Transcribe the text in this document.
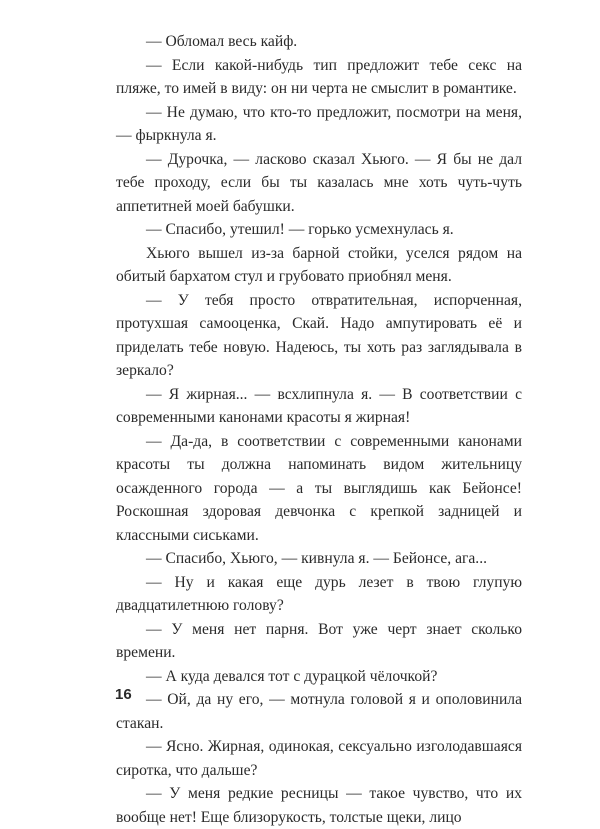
— Обломал весь кайф.

— Если какой-нибудь тип предложит тебе секс на пляже, то имей в виду: он ни черта не смыслит в романтике.

— Не думаю, что кто-то предложит, посмотри на меня, — фыркнула я.

— Дурочка, — ласково сказал Хьюго. — Я бы не дал тебе проходу, если бы ты казалась мне хоть чуть-чуть аппетитней моей бабушки.

— Спасибо, утешил! — горько усмехнулась я.

Хьюго вышел из-за барной стойки, уселся рядом на обитый бархатом стул и грубовато приобнял меня.

— У тебя просто отвратительная, испорченная, протухшая самооценка, Скай. Надо ампутировать её и приделать тебе новую. Надеюсь, ты хоть раз заглядывала в зеркало?

— Я жирная... — всхлипнула я. — В соответствии с современными канонами красоты я жирная!

— Да-да, в соответствии с современными канонами красоты ты должна напоминать видом жительницу осажденного города — а ты выглядишь как Бейонсе! Роскошная здоровая девчонка с крепкой задницей и классными сиськами.

— Спасибо, Хьюго, — кивнула я. — Бейонсе, ага...

— Ну и какая еще дурь лезет в твою глупую двадцатилетнюю голову?

— У меня нет парня. Вот уже черт знает сколько времени.

— А куда девался тот с дурацкой чёлочкой?

— Ой, да ну его, — мотнула головой я и ополовинила стакан.

— Ясно. Жирная, одинокая, сексуально изголодавшаяся сиротка, что дальше?

— У меня редкие ресницы — такое чувство, что их вообще нет! Еще близорукость, толстые щеки, лицо

16
